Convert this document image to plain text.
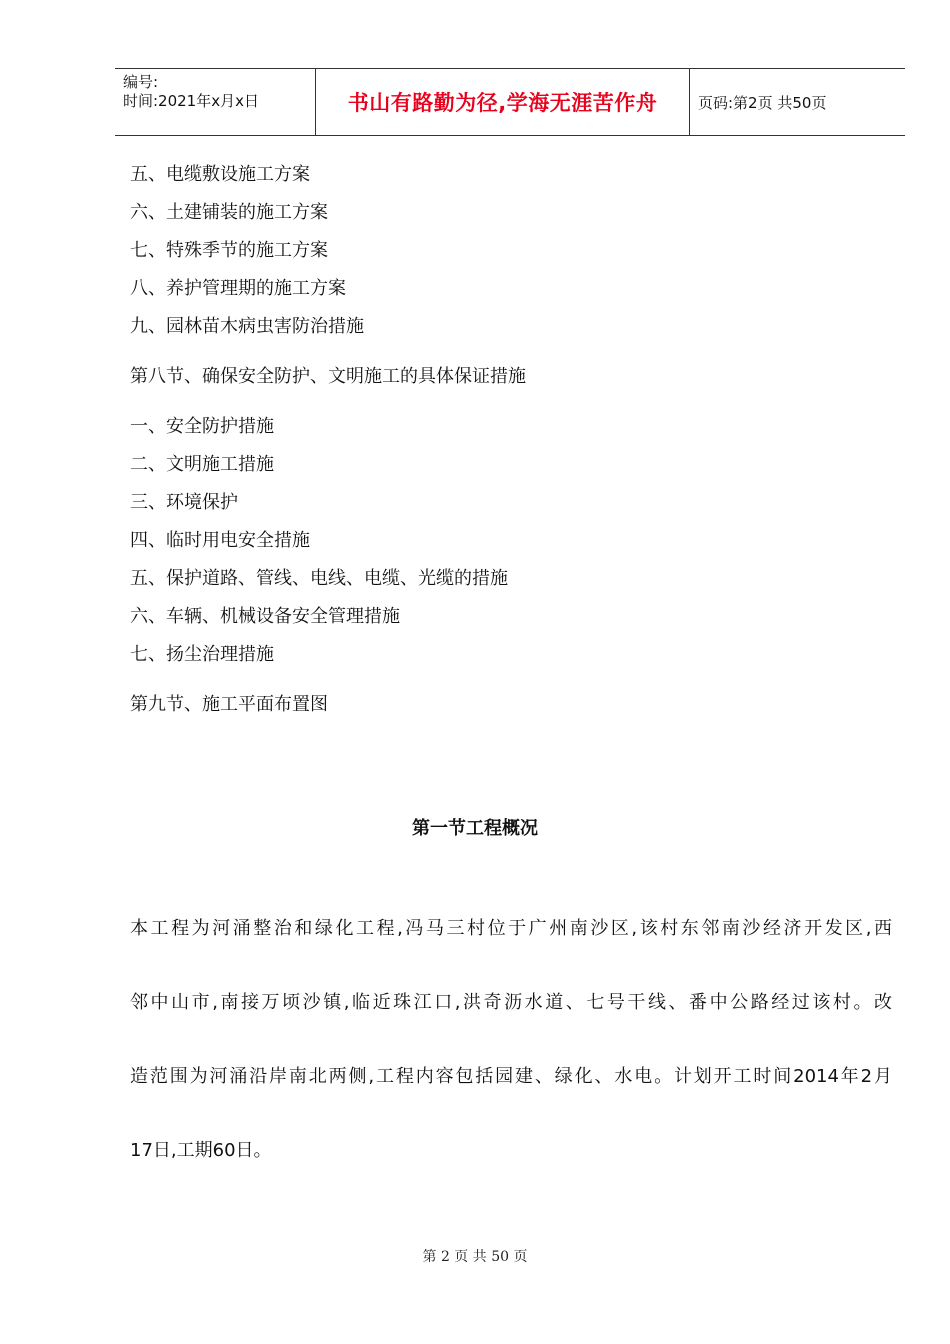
编号:
时间:2021年x月x日	书山有路勤为径,学海无涯苦作舟	页码:第2页 共50页
五、电缆敷设施工方案
六、土建铺装的施工方案
七、特殊季节的施工方案
八、养护管理期的施工方案
九、园林苗木病虫害防治措施
第八节、确保安全防护、文明施工的具体保证措施
一、安全防护措施
二、文明施工措施
三、环境保护
四、临时用电安全措施
五、保护道路、管线、电线、电缆、光缆的措施
六、车辆、机械设备安全管理措施
七、扬尘治理措施
第九节、施工平面布置图
第一节工程概况
本工程为河涌整治和绿化工程,冯马三村位于广州南沙区,该村东邻南沙经济开发区,西
邻中山市,南接万顷沙镇,临近珠江口,洪奇沥水道、七号干线、番中公路经过该村。改
造范围为河涌沿岸南北两侧,工程内容包括园建、绿化、水电。计划开工时间2014年2月
17日,工期60日。
第 2 页 共 50 页
